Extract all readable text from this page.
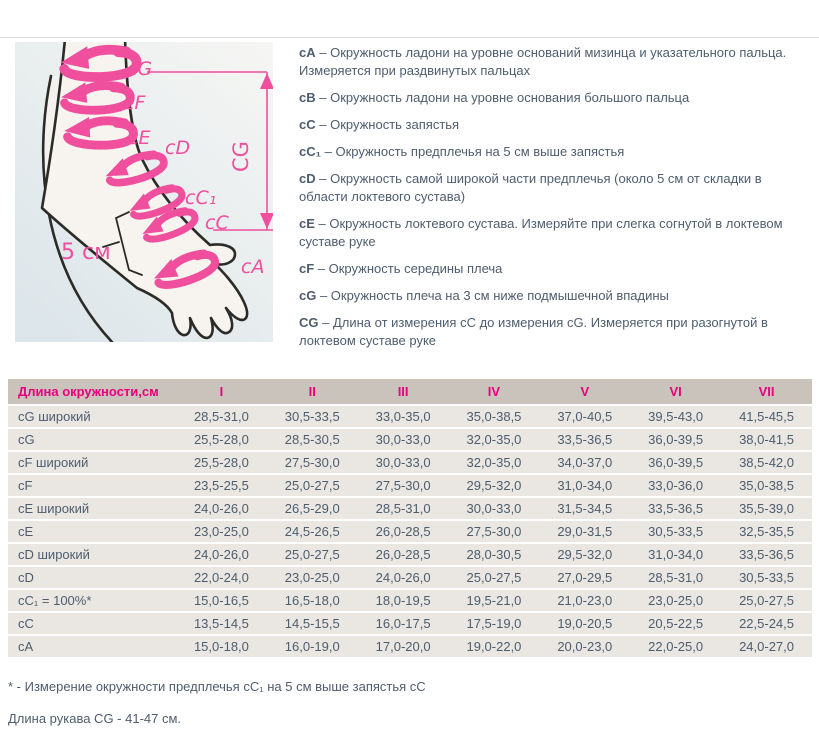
CG
5 см
cG
cF
cE cD
cC₁
cC
cA

cA – Окружность ладони на уровне оснований мизинца и указательного пальца. Измеряется при раздвинутых пальцах

cB – Окружность ладони на уровне основания большого пальца

cC – Окружность запястья

cC₁ – Окружность предплечья на 5 см выше запястья

cD – Окружность самой широкой части предплечья (около 5 см от складки в области локтевого сустава)

cE – Окружность локтевого сустава. Измеряйте при слегка согнутой в локтевом суставе руке

cF – Окружность середины плеча

cG – Окружность плеча на 3 см ниже подмышечной впадины

CG – Длина от измерения cC до измерения cG. Измеряется при разогнутой в локтевом суставе руке

Длина окружности,см	I	II	III	IV	V	VI	VII
cG широкий	28,5-31,0	30,5-33,5	33,0-35,0	35,0-38,5	37,0-40,5	39,5-43,0	41,5-45,5
cG	25,5-28,0	28,5-30,5	30,0-33,0	32,0-35,0	33,5-36,5	36,0-39,5	38,0-41,5
cF широкий	25,5-28,0	27,5-30,0	30,0-33,0	32,0-35,0	34,0-37,0	36,0-39,5	38,5-42,0
cF	23,5-25,5	25,0-27,5	27,5-30,0	29,5-32,0	31,0-34,0	33,0-36,0	35,0-38,5
cE широкий	24,0-26,0	26,5-29,0	28,5-31,0	30,0-33,0	31,5-34,5	33,5-36,5	35,5-39,0
cE	23,0-25,0	24,5-26,5	26,0-28,5	27,5-30,0	29,0-31,5	30,5-33,5	32,5-35,5
cD широкий	24,0-26,0	25,0-27,5	26,0-28,5	28,0-30,5	29,5-32,0	31,0-34,0	33,5-36,5
cD	22,0-24,0	23,0-25,0	24,0-26,0	25,0-27,5	27,0-29,5	28,5-31,0	30,5-33,5
cC₁ = 100%*	15,0-16,5	16,5-18,0	18,0-19,5	19,5-21,0	21,0-23,0	23,0-25,0	25,0-27,5
cC	13,5-14,5	14,5-15,5	16,0-17,5	17,5-19,0	19,0-20,5	20,5-22,5	22,5-24,5
cA	15,0-18,0	16,0-19,0	17,0-20,0	19,0-22,0	20,0-23,0	22,0-25,0	24,0-27,0

* - Измерение окружности предплечья cC₁ на 5 см выше запястья cC

Длина рукава CG - 41-47 см.
